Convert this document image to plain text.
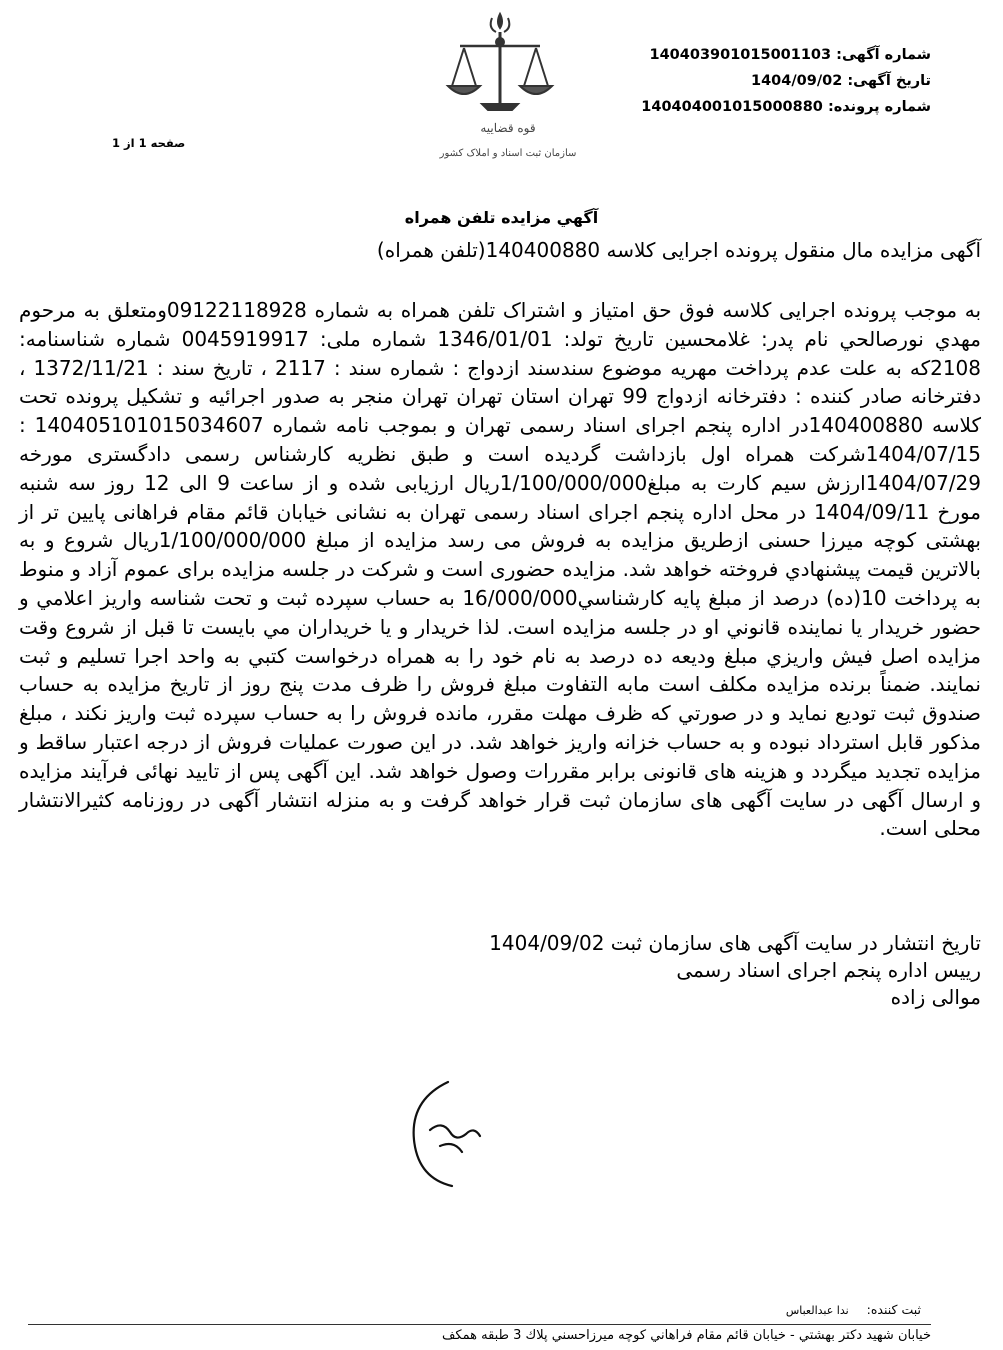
قوه قضاییه
سازمان ثبت اسناد و املاک کشور
شماره آگهی: 140403901015001103
تاریخ آگهی: 1404/09/02
شماره پرونده: 140404001015000880
صفحه 1 از 1
آگهي مزايده تلفن همراه
آگهی مزایده مال منقول پرونده اجرایی کلاسه 140400880(تلفن همراه)

به موجب پرونده اجرایی کلاسه فوق حق امتیاز و اشتراک تلفن همراه به شماره 09122118928ومتعلق به مرحوم مهدي نورصالحي نام پدر: غلامحسین تاریخ تولد: 1346/01/01 شماره ملی: 0045919917 شماره شناسنامه: 2108که به علت عدم پرداخت مهریه موضوع سندسند ازدواج : شماره سند : 2117 ، تاریخ سند : 1372/11/21 ، دفترخانه صادر کننده : دفترخانه ازدواج 99 تهران استان تهران تهران منجر به صدور اجرائیه و تشکیل پرونده تحت کلاسه 140400880در اداره پنجم اجرای اسناد رسمی تهران و بموجب نامه شماره 140405101015034607 : 1404/07/15شرکت همراه اول بازداشت گردیده است و طبق نظریه کارشناس رسمی دادگستری مورخه 1404/07/29ارزش سیم کارت به مبلغ1/100/000/000ریال ارزیابی شده و از ساعت 9 الی 12 روز سه شنبه مورخ 1404/09/11 در محل اداره پنجم اجرای اسناد رسمی تهران به نشانی خیابان قائم مقام فراهانی پایین تر از بهشتی کوچه میرزا حسنی ازطریق مزایده به فروش می رسد مزایده از مبلغ 1/100/000/000ریال شروع و به بالاترین قیمت پیشنهادي فروخته خواهد شد. مزایده حضوری است و شرکت در جلسه مزایده برای عموم آزاد و منوط به پرداخت 10(ده) درصد از مبلغ پایه کارشناسي16/000/000 به حساب سپرده ثبت و تحت شناسه واریز اعلامي و حضور خريدار يا نماينده قانوني او در جلسه مزايده است. لذا خريدار و يا خريداران مي بايست تا قبل از شروع وقت مزايده اصل فيش واريزي مبلغ وديعه ده درصد به نام خود را به همراه درخواست كتبي به واحد اجرا تسليم و ثبت نمايند. ضمناً برنده مزايده مكلف است مابه التفاوت مبلغ فروش را ظرف مدت پنج روز از تاريخ مزايده به حساب صندوق ثبت توديع نمايد و در صورتي كه ظرف مهلت مقرر، مانده فروش را به حساب سپرده ثبت واريز نكند ، مبلغ مذكور قابل استرداد نبوده و به حساب خزانه واريز خواهد شد. در این صورت عملیات فروش از درجه اعتبار ساقط و مزایده تجدید میگردد و هزینه های قانونی برابر مقررات وصول خواهد شد. این آگهی پس از تایید نهائی فرآیند مزایده و ارسال آگهی در سایت آگهی های سازمان ثبت قرار خواهد گرفت و به منزله انتشار آگهی در روزنامه کثیرالانتشار محلی است.

تاریخ انتشار در سایت آگهی های سازمان ثبت 1404/09/02
رییس اداره پنجم اجرای اسناد رسمی
موالی زاده
ثبت کننده: ندا عبدالعباس
خيابان شهيد دكتر بهشتي - خيابان قائم مقام فراهاني كوچه ميرزاحسني پلاك 3 طبقه همكف
